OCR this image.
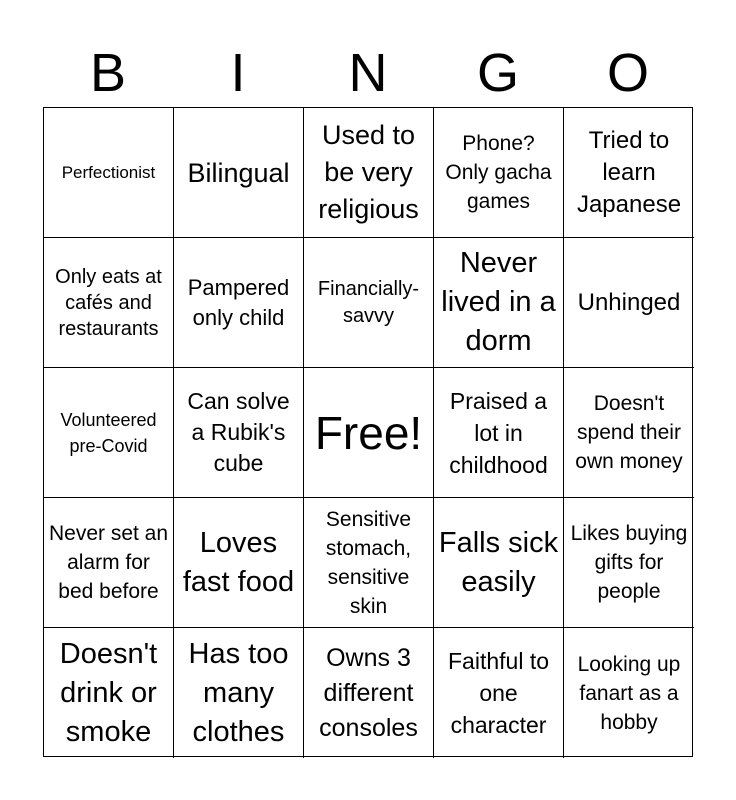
B	I	N	G	O
Perfectionist Bilingual
Used to be very religious
Phone? Only gacha games
Tried to learn Japanese
Only eats at cafés and restaurants
Pampered only child
Financially-savvy
Never lived in a dorm
Unhinged
Volunteered pre-Covid
Can solve a Rubik's cube
Free!
Praised a lot in childhood
Doesn't spend their own money
Never set an alarm for bed before
Loves fast food
Sensitive stomach, sensitive skin
Falls sick easily
Likes buying gifts for people
Doesn't drink or smoke
Has too many clothes
Owns 3 different consoles
Faithful to one character
Looking up fanart as a hobby
